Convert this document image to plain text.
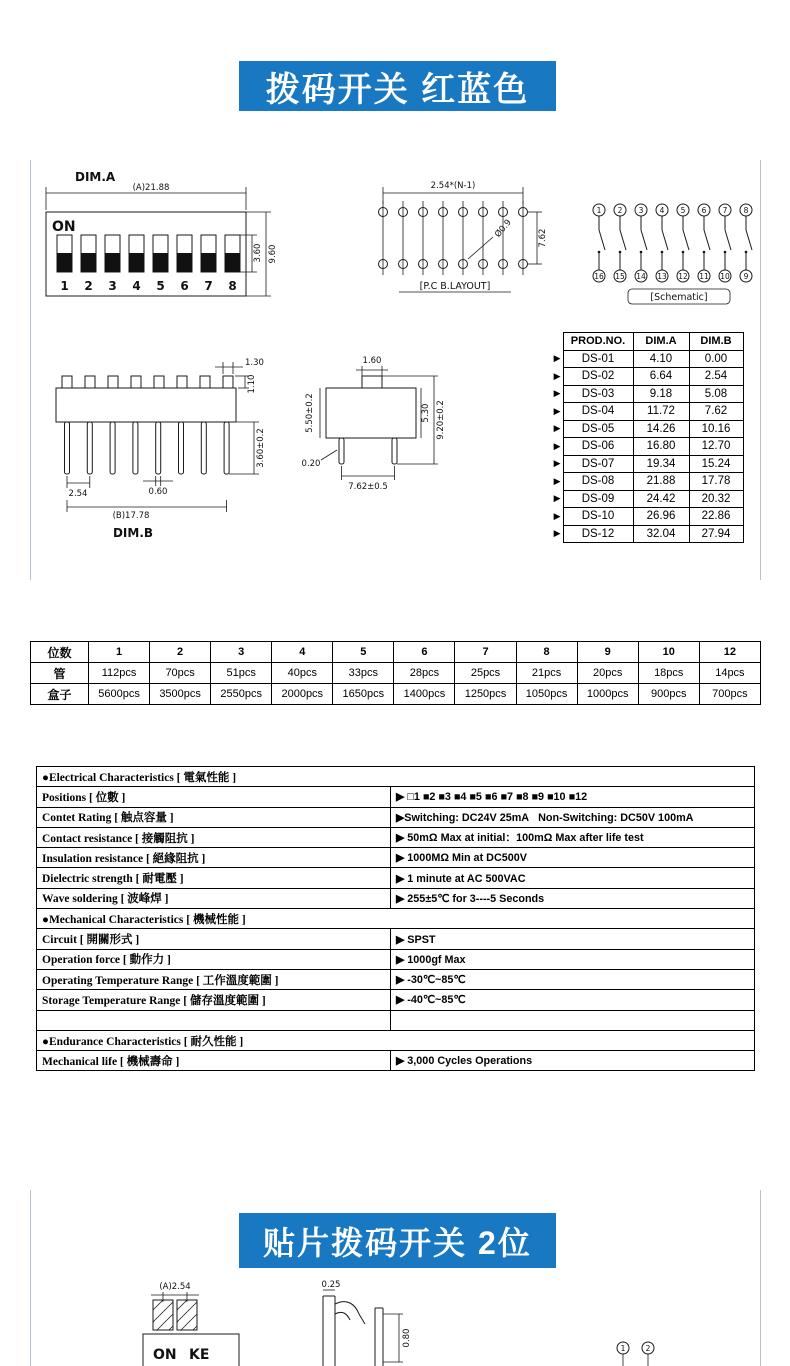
拨码开关 红蓝色
DIM.A
(A)21.88
ON
1 2 3 4 5 6 7 8
3.60 9.60
2.54*(N-1)
7.62
Ø0.9
[P.C B.LAYOUT]
1
16
2
15
3
14
4
13
5
12
6
11
7
10
8
9
[Schematic]
1.30
1.10
2.54	0.60
(B)17.78
3.60±0.2
DIM.B
1.60
5.50±0.2	5.30 9.20±0.2
0.20
7.62±0.5
	PROD.NO.	DIM.A	DIM.B
▶	DS-01	4.10	0.00
▶	DS-02	6.64	2.54
▶	DS-03	9.18	5.08
▶	DS-04	11.72	7.62
▶	DS-05	14.26	10.16
▶	DS-06	16.80	12.70
▶	DS-07	19.34	15.24
▶	DS-08	21.88	17.78
▶	DS-09	24.42	20.32
▶	DS-10	26.96	22.86
▶	DS-12	32.04	27.94
位数	1	2	3	4	5	6	7	8	9	10	12
管	112pcs	70pcs	51pcs	40pcs	33pcs	28pcs	25pcs	21pcs	20pcs	18pcs	14pcs
盒子	5600pcs	3500pcs	2550pcs	2000pcs	1650pcs	1400pcs	1250pcs	1050pcs	1000pcs	900pcs	700pcs
●Electrical Characteristics [ 電氣性能 ]	
Positions [ 位數 ]	▶ □1 ■2 ■3 ■4 ■5 ■6 ■7 ■8 ■9 ■10 ■12
Contet Rating [ 触点容量 ]	▶Switching: DC24V 25mA   Non-Switching: DC50V 100mA
Contact resistance [ 接觸阻抗 ]	▶ 50mΩ Max at initial：100mΩ Max after life test
Insulation resistance [ 絕緣阻抗 ]	▶ 1000MΩ Min at DC500V
Dielectric strength [ 耐電壓 ]	▶ 1 minute at AC 500VAC
Wave soldering [ 波峰焊 ]	▶ 255±5℃ for 3----5 Seconds
●Mechanical Characteristics [ 機械性能 ]	
Circuit [ 開關形式 ]	▶ SPST
Operation force [ 動作力 ]	▶ 1000gf Max
Operating Temperature Range [ 工作溫度範圍 ]	▶ -30℃~85℃
Storage Temperature Range [ 儲存溫度範圍 ]	▶ -40℃~85℃

●Endurance Characteristics [ 耐久性能 ]	
Mechanical life [ 機械壽命 ]	▶ 3,000 Cycles Operations
贴片拨码开关 2位
(A)2.54
ON KE
0.25
0.80
1	2
